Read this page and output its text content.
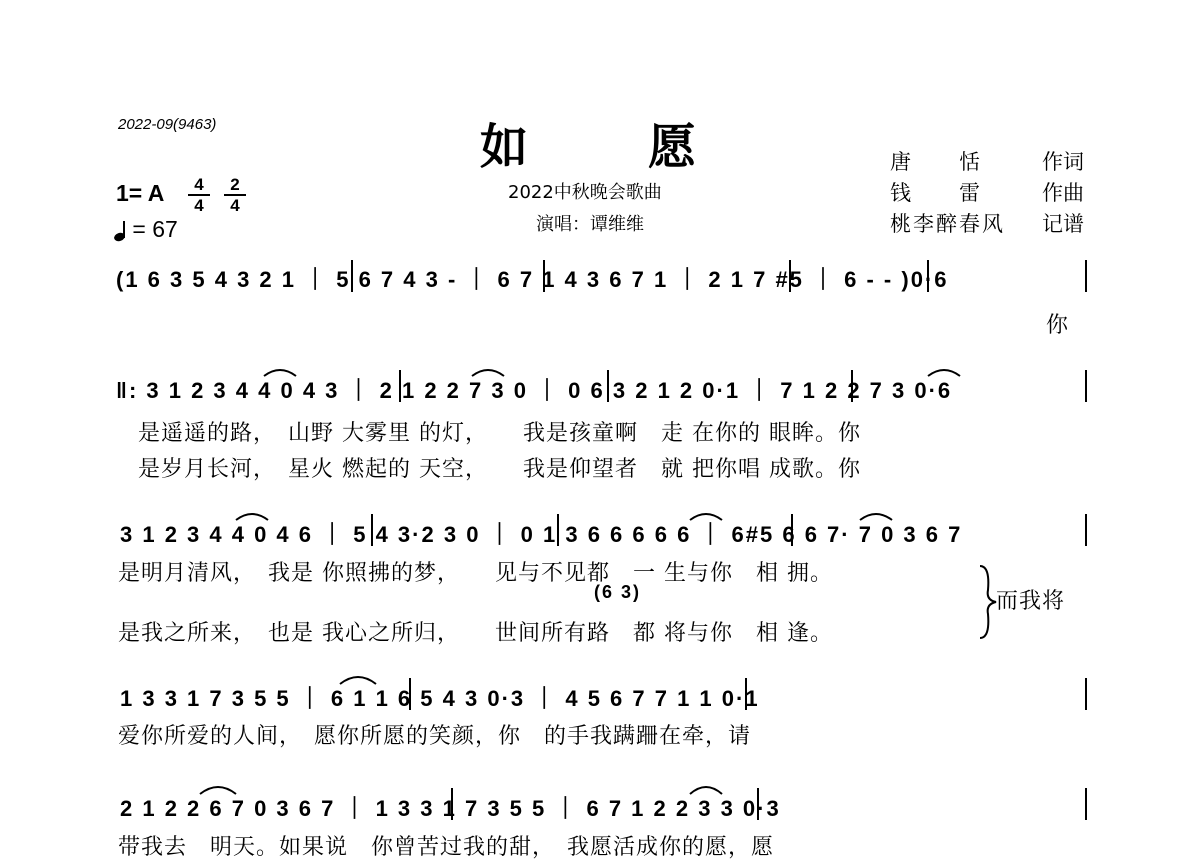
2022-09(9463)	如愿
2022中秋晚会歌曲
演唱：谭维维
唐　　恬	作词
钱　　雷	作曲
桃李醉春风 记谱
1= A	4
4
2
4
= 67
(1 6 3 5 4 3 2 1 ｜ 5 6 7 4 3 - ｜ 6 7 1 4 3 6 7 1 ｜ 2 1 7 #5 ｜ 6 - - )0·6
你
‖: 3 1 2 3 4 4 0 4 3 ｜ 2 1 2 2 7 3 0 ｜ 0 6 3 2 1 2 0·1 ｜ 7 1 2 2 7 3 0·6
是遥遥的路，　山野 大雾里 的灯，　　我是孩童啊　走 在你的 眼眸。你
是岁月长河，　星火 燃起的 天空，　　我是仰望者　就 把你唱 成歌。你
3 1 2 3 4 4 0 4 6 ｜ 5 4 3·2 3 0 ｜ 0 1 3 6 6 6 6 6 ｜ 6#5 6 6 7· 7 0 3 6 7
是明月清风，　我是 你照拂的梦，　　见与不见都　一 生与你　相 拥。
(6 3)	而我将
是我之所来，　也是 我心之所归，　　世间所有路　都 将与你　相 逢。
1 3 3 1 7 3 5 5 ｜ 6 1 1 6 5 4 3 0·3 ｜ 4 5 6 7 7 1 1 0·1
爱你所爱的人间，　愿你所愿的笑颜，你　的手我蹒跚在牵，请
2 1 2 2 6 7 0 3 6 7 ｜ 1 3 3 1 7 3 5 5 ｜ 6 7 1 2 2 3 3 0·3
带我去　明天。如果说　你曾苦过我的甜，　我愿活成你的愿，愿
